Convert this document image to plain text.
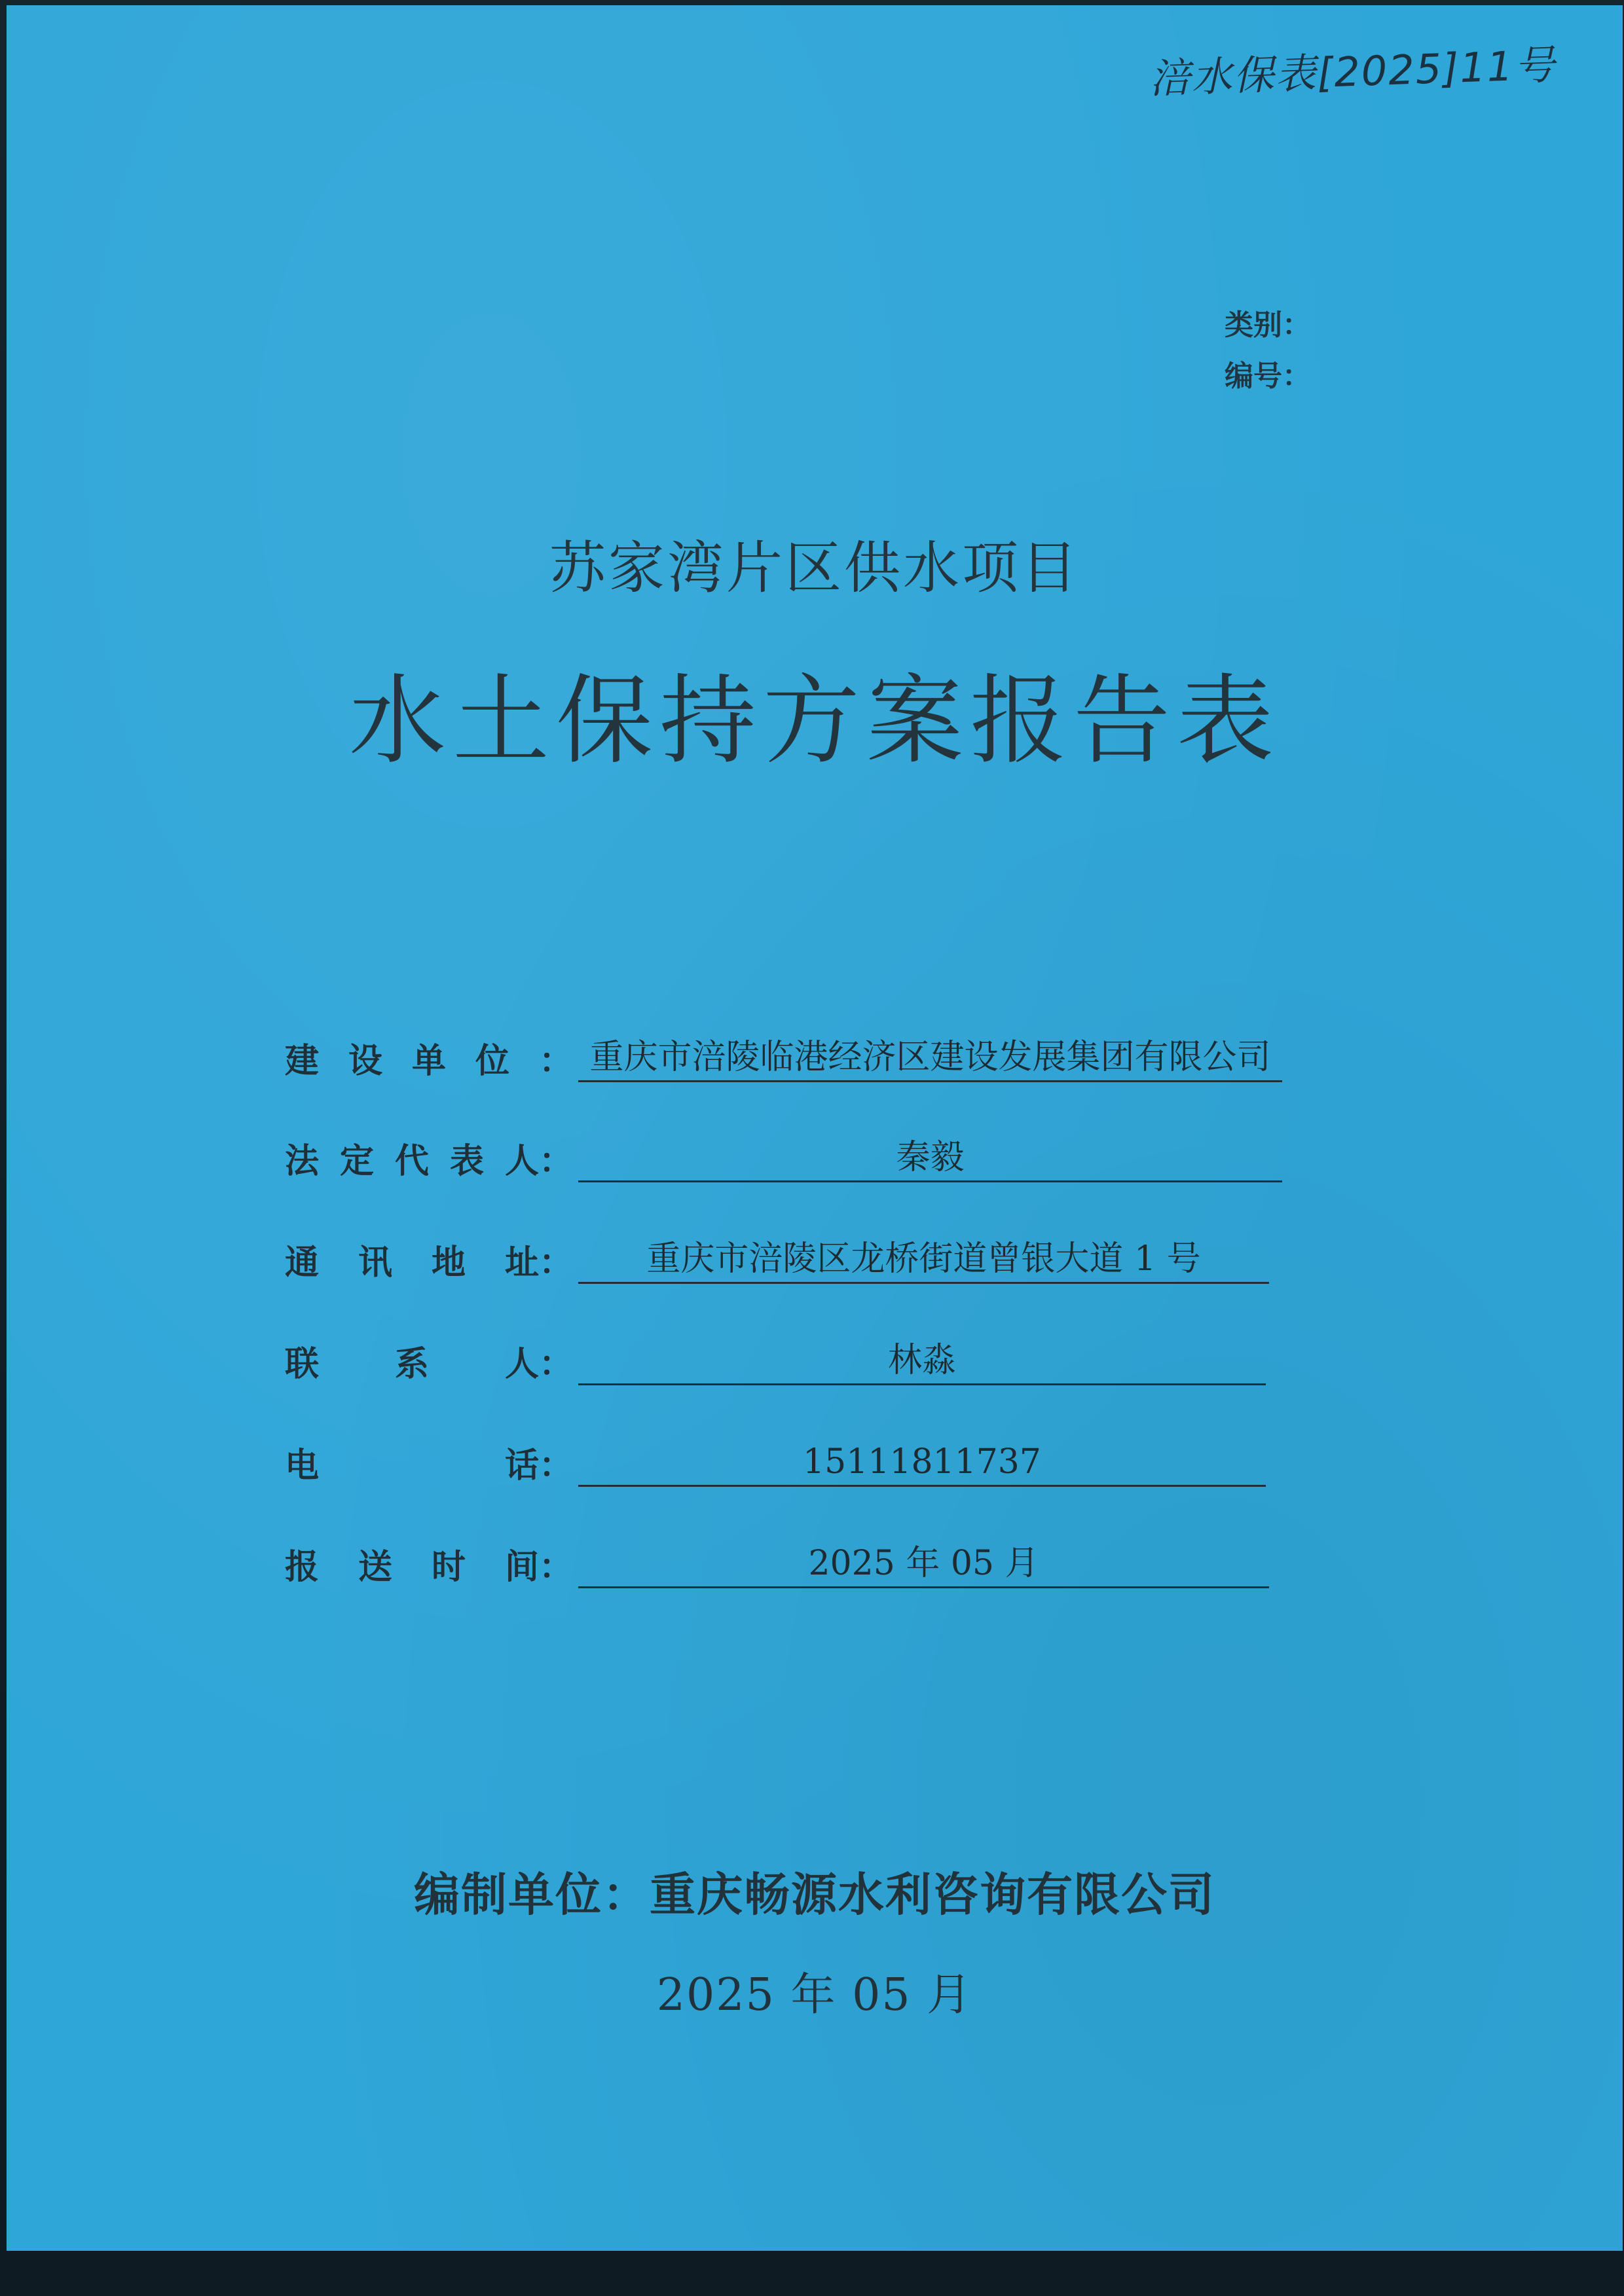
涪水保表[2025]11号
类别：
编号：
苏家湾片区供水项目
水土保持方案报告表
建 设 单 位 ： 重庆市涪陵临港经济区建设发展集团有限公司
法 定 代 表 人：	秦毅
通 讯 地 址：	重庆市涪陵区龙桥街道曾银大道 1 号
联 系 人：	林淼
电	话：	15111811737
报 送 时 间：	2025 年 05 月
编制单位：重庆畅源水利咨询有限公司
2025 年 05 月
